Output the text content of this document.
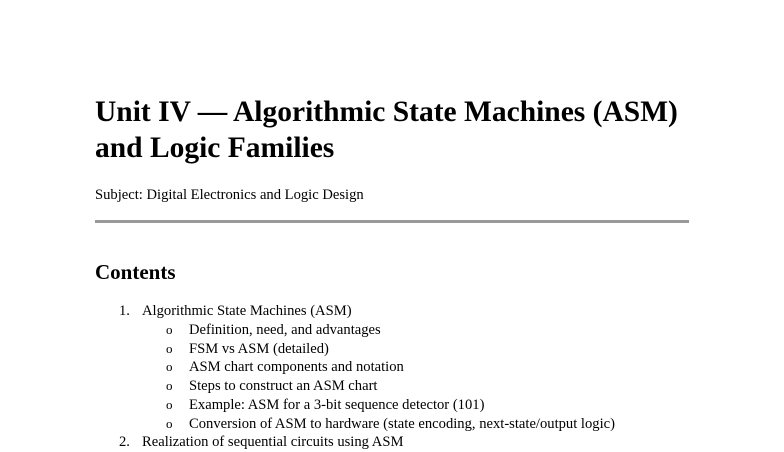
Unit IV — Algorithmic State Machines (ASM) and Logic Families

Subject: Digital Electronics and Logic Design

Contents
1. Algorithmic State Machines (ASM)
o Definition, need, and advantages
o FSM vs ASM (detailed)
o ASM chart components and notation
o Steps to construct an ASM chart
o Example: ASM for a 3-bit sequence detector (101)
o Conversion of ASM to hardware (state encoding, next-state/output logic)
2. Realization of sequential circuits using ASM
